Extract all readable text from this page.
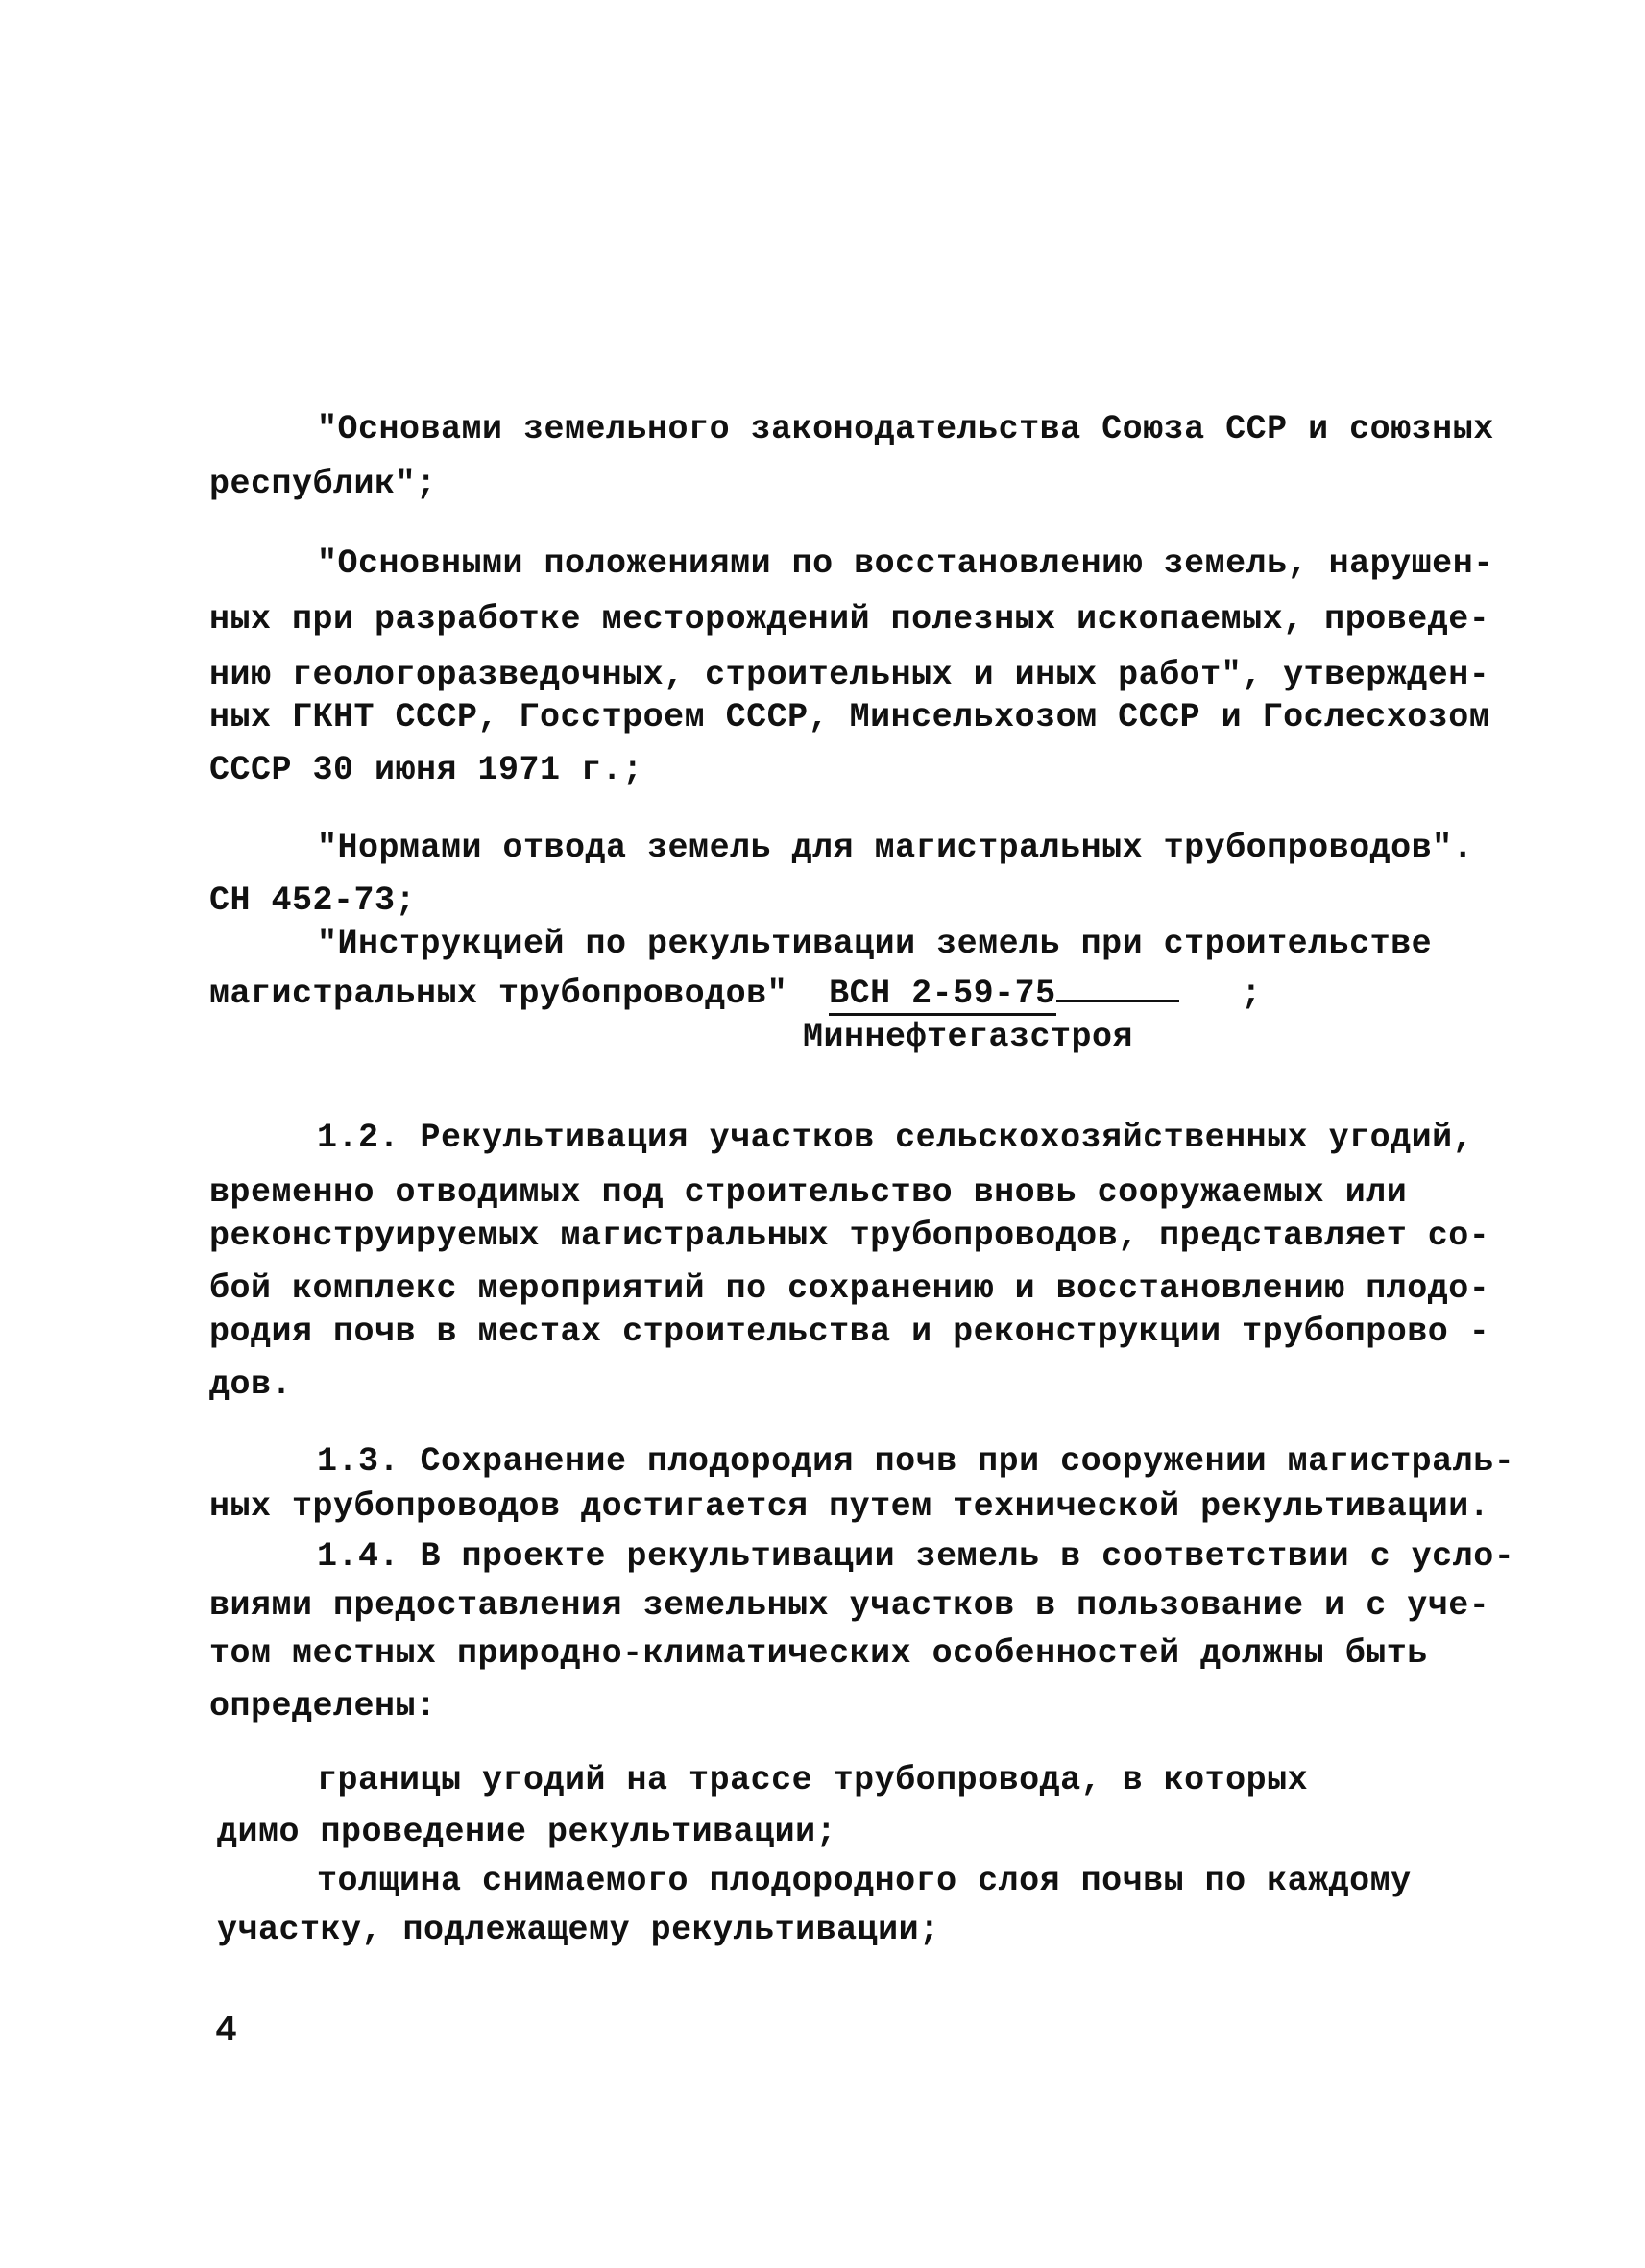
"Основами земельного законодательства Союза ССР и союзных
республик";
"Основными положениями по восстановлению земель, нарушен-
ных при разработке месторождений полезных ископаемых, проведе-
нию геологоразведочных, строительных и иных работ", утвержден-
ных ГКНТ СССР, Госстроем СССР, Минсельхозом СССР и Гослесхозом
СССР 30 июня 1971 г.;
"Нормами отвода земель для магистральных трубопроводов".
СН 452-73;
"Инструкцией по рекультивации земель при строительстве
магистральных трубопроводов" ВСН 2-59-75	;
Миннефтегазстроя
1.2. Рекультивация участков сельскохозяйственных угодий,
временно отводимых под строительство вновь сооружаемых или
реконструируемых магистральных трубопроводов, представляет со-
бой комплекс мероприятий по сохранению и восстановлению плодо-
родия почв в местах строительства и реконструкции трубопрово -
дов.
1.3. Сохранение плодородия почв при сооружении магистраль-
ных трубопроводов достигается путем технической рекультивации.
1.4. В проекте рекультивации земель в соответствии с усло-
виями предоставления земельных участков в пользование и с уче-
том местных природно-климатических особенностей должны быть
определены:
границы угодий на трассе трубопровода, в которых
димо проведение рекультивации;
толщина снимаемого плодородного слоя почвы по каждому
участку, подлежащему рекультивации;
4
